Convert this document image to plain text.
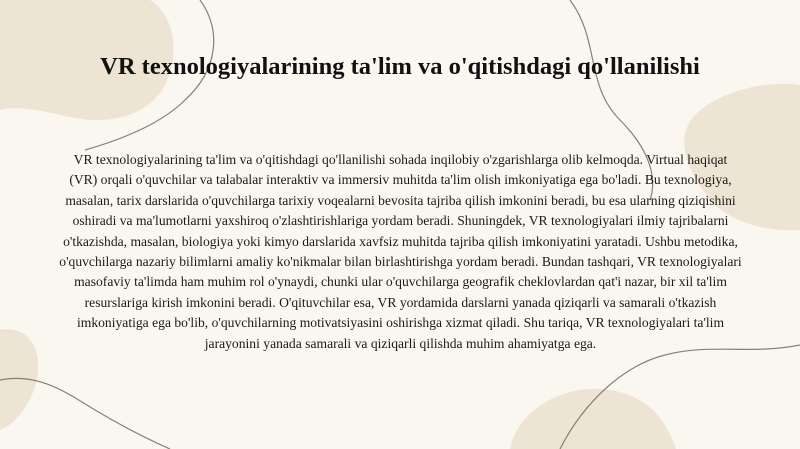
VR texnologiyalarining ta'lim va o'qitishdagi qo'llanilishi

VR texnologiyalarining ta'lim va o'qitishdagi qo'llanilishi sohada inqilobiy o'zgarishlarga olib kelmoqda. Virtual haqiqat (VR) orqali o'quvchilar va talabalar interaktiv va immersiv muhitda ta'lim olish imkoniyatiga ega bo'ladi. Bu texnologiya, masalan, tarix darslarida o'quvchilarga tarixiy voqealarni bevosita tajriba qilish imkonini beradi, bu esa ularning qiziqishini oshiradi va ma'lumotlarni yaxshiroq o'zlashtirishlariga yordam beradi. Shuningdek, VR texnologiyalari ilmiy tajribalarni o'tkazishda, masalan, biologiya yoki kimyo darslarida xavfsiz muhitda tajriba qilish imkoniyatini yaratadi. Ushbu metodika, o'quvchilarga nazariy bilimlarni amaliy ko'nikmalar bilan birlashtirishga yordam beradi. Bundan tashqari, VR texnologiyalari masofaviy ta'limda ham muhim rol o'ynaydi, chunki ular o'quvchilarga geografik cheklovlardan qat'i nazar, bir xil ta'lim resurslariga kirish imkonini beradi. O'qituvchilar esa, VR yordamida darslarni yanada qiziqarli va samarali o'tkazish imkoniyatiga ega bo'lib, o'quvchilarning motivatsiyasini oshirishga xizmat qiladi. Shu tariqa, VR texnologiyalari ta'lim jarayonini yanada samarali va qiziqarli qilishda muhim ahamiyatga ega.
